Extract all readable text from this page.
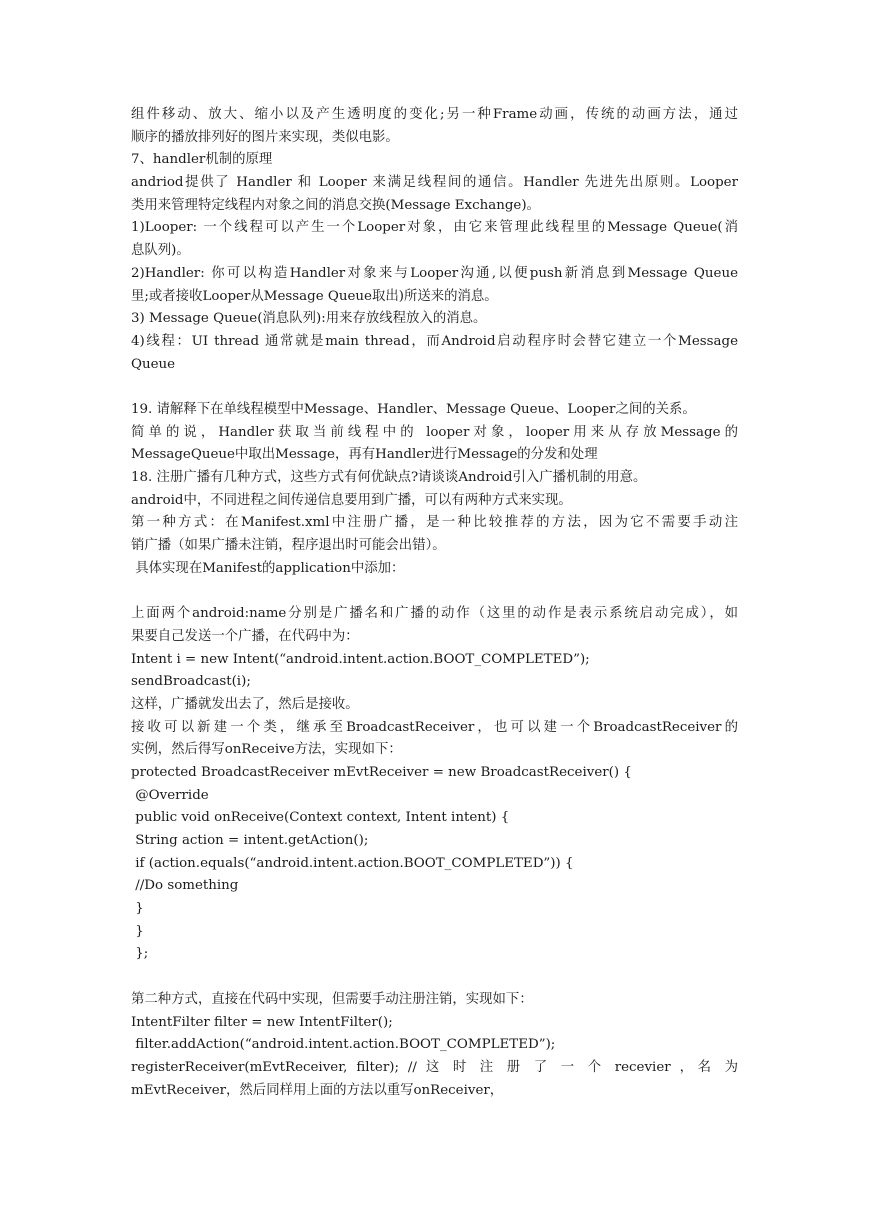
组件移动、放大、缩小以及产生透明度的变化;另一种Frame动画，传统的动画方法，通过
顺序的播放排列好的图片来实现，类似电影。
7、handler机制的原理
andriod提供了 Handler 和 Looper 来满足线程间的通信。Handler 先进先出原则。Looper
类用来管理特定线程内对象之间的消息交换(Message Exchange)。
1)Looper: 一个线程可以产生一个Looper对象，由它来管理此线程里的Message Queue(消
息队列)。
2)Handler: 你可以构造Handler对象来与Looper沟通,以便push新消息到Message Queue
里;或者接收Looper从Message Queue取出)所送来的消息。
3) Message Queue(消息队列):用来存放线程放入的消息。
4)线程：UI thread 通常就是main thread，而Android启动程序时会替它建立一个Message
Queue
19. 请解释下在单线程模型中Message、Handler、Message Queue、Looper之间的关系。
简单的说，Handler获取当前线程中的 looper对象，looper用来从存放Message的
MessageQueue中取出Message，再有Handler进行Message的分发和处理
18. 注册广播有几种方式，这些方式有何优缺点?请谈谈Android引入广播机制的用意。
android中，不同进程之间传递信息要用到广播，可以有两种方式来实现。
第一种方式：在Manifest.xml中注册广播，是一种比较推荐的方法，因为它不需要手动注
销广播（如果广播未注销，程序退出时可能会出错）。
具体实现在Manifest的application中添加：
上面两个android:name分别是广播名和广播的动作（这里的动作是表示系统启动完成），如
果要自己发送一个广播，在代码中为：
Intent i = new Intent(“android.intent.action.BOOT_COMPLETED”);
sendBroadcast(i);
这样，广播就发出去了，然后是接收。
接收可以新建一个类，继承至BroadcastReceiver，也可以建一个BroadcastReceiver的
实例，然后得写onReceive方法，实现如下：
protected BroadcastReceiver mEvtReceiver = new BroadcastReceiver() {
@Override
public void onReceive(Context context, Intent intent) {
String action = intent.getAction();
if (action.equals(“android.intent.action.BOOT_COMPLETED”)) {
//Do something
}
}
};
第二种方式，直接在代码中实现，但需要手动注册注销，实现如下：
IntentFilter filter = new IntentFilter();
filter.addAction(“android.intent.action.BOOT_COMPLETED”);
registerReceiver(mEvtReceiver, filter); // 这 时 注 册 了 一 个 recevier ，名 为
mEvtReceiver，然后同样用上面的方法以重写onReceiver，
